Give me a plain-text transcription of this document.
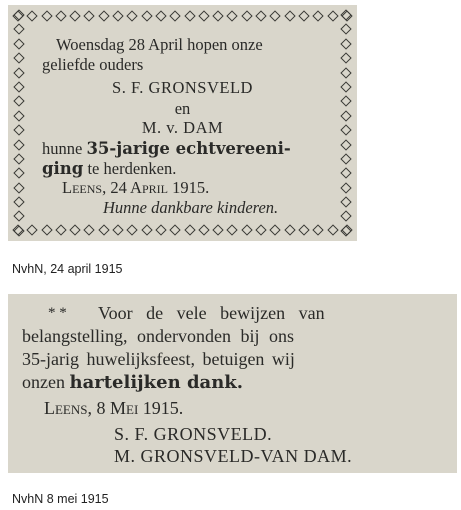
Woensdag 28 April hopen onze
geliefde ouders
S. F. GRONSVELD
en
M. v. DAM
hunne 35-jarige echtvereeni-
ging te herdenken.
Leens, 24 April 1915.
Hunne dankbare kinderen.
NvhN, 24 april 1915
* * Voor de vele bewijzen van
belangstelling, ondervonden bij ons
35-jarig huwelijksfeest, betuigen wij
onzen hartelijken dank.
Leens, 8 Mei 1915.
S. F. GRONSVELD.
M. GRONSVELD-VAN DAM.
NvhN 8 mei 1915
